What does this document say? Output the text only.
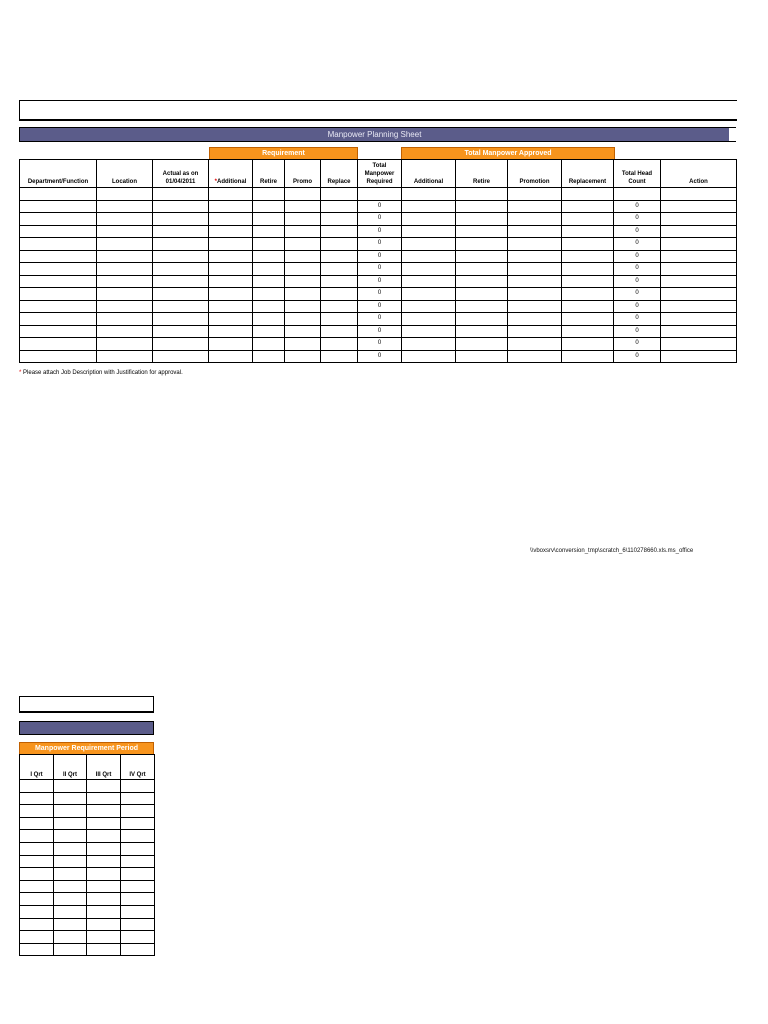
Manpower Planning Sheet
Requirement	Total Manpower Approved
Department/Function	Location	Actual as on 01/04/2011	*Additional	Retire	Promo	Replace	Total Manpower Required	Additional	Retire	Promotion	Replacement	Total Head Count	Action

							0					0	
							0					0	
							0					0	
							0					0	
							0					0	
							0					0	
							0					0	
							0					0	
							0					0	
							0					0	
							0					0	
							0					0	
							0					0	
* Please attach Job Description with Justification for approval.
\\vboxsrv\conversion_tmp\scratch_6\110278660.xls.ms_office
Manpower Requirement Period
I Qrt	II Qrt	III Qrt	IV Qrt
